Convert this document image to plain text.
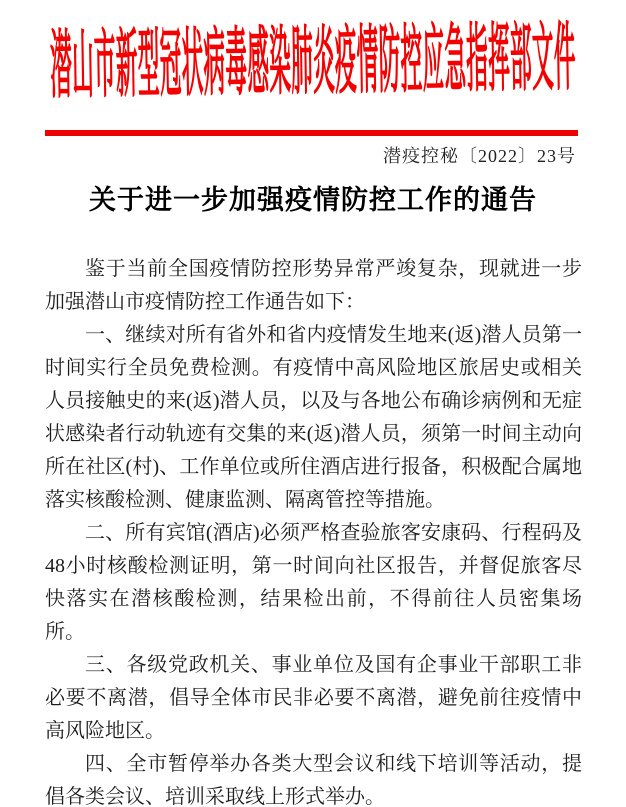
潜山市新型冠状病毒感染肺炎疫情防控应急指挥部文件
潜疫控秘〔2022〕23号
关于进一步加强疫情防控工作的通告

鉴于当前全国疫情防控形势异常严竣复杂，现就进一步加强潜山市疫情防控工作通告如下：

一、继续对所有省外和省内疫情发生地来(返)潜人员第一时间实行全员免费检测。有疫情中高风险地区旅居史或相关人员接触史的来(返)潜人员，以及与各地公布确诊病例和无症状感染者行动轨迹有交集的来(返)潜人员，须第一时间主动向所在社区(村)、工作单位或所住酒店进行报备，积极配合属地落实核酸检测、健康监测、隔离管控等措施。

二、所有宾馆(酒店)必须严格查验旅客安康码、行程码及48小时核酸检测证明，第一时间向社区报告，并督促旅客尽快落实在潜核酸检测，结果检出前，不得前往人员密集场所。

三、各级党政机关、事业单位及国有企事业干部职工非必要不离潜，倡导全体市民非必要不离潜，避免前往疫情中高风险地区。

四、全市暂停举办各类大型会议和线下培训等活动，提倡各类会议、培训采取线上形式举办。
